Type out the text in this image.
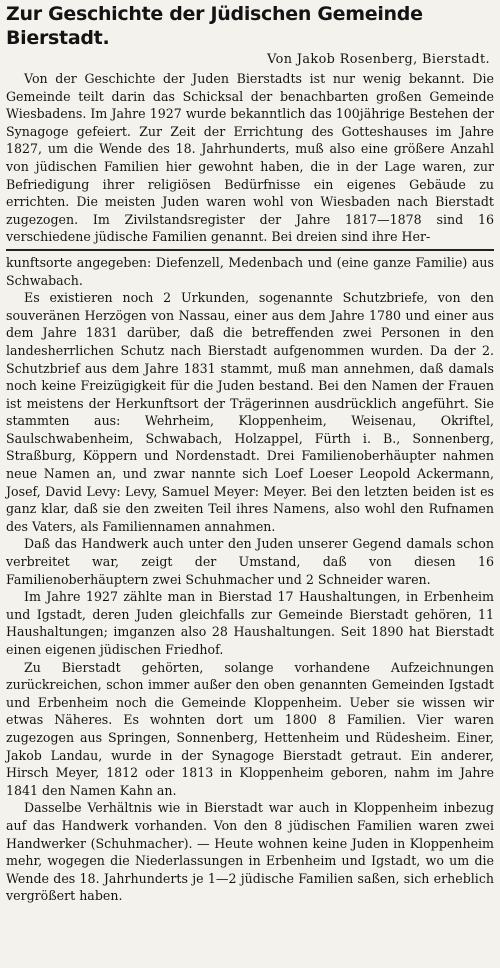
Zur Geschichte der Jüdischen Gemeinde Bierstadt.
Von Jakob Rosenberg, Bierstadt.

Von der Geschichte der Juden Bierstadts ist nur wenig bekannt. Die Gemeinde teilt darin das Schicksal der benachbarten großen Gemeinde Wiesbadens. Im Jahre 1927 wurde bekanntlich das 100jährige Bestehen der Synagoge gefeiert. Zur Zeit der Errichtung des Gotteshauses im Jahre 1827, um die Wende des 18. Jahrhunderts, muß also eine größere Anzahl von jüdischen Familien hier gewohnt haben, die in der Lage waren, zur Befriedigung ihrer religiösen Bedürfnisse ein eigenes Gebäude zu errichten. Die meisten Juden waren wohl von Wiesbaden nach Bierstadt zugezogen. Im Zivilstandsregister der Jahre 1817—1878 sind 16 verschiedene jüdische Familien genannt. Bei dreien sind ihre Her-

kunftsorte angegeben: Diefenzell, Medenbach und (eine ganze Familie) aus Schwabach.

Es existieren noch 2 Urkunden, sogenannte Schutzbriefe, von den souveränen Herzögen von Nassau, einer aus dem Jahre 1780 und einer aus dem Jahre 1831 darüber, daß die betreffenden zwei Personen in den landesherrlichen Schutz nach Bierstadt aufgenommen wurden. Da der 2. Schutzbrief aus dem Jahre 1831 stammt, muß man annehmen, daß damals noch keine Freizügigkeit für die Juden bestand. Bei den Namen der Frauen ist meistens der Herkunftsort der Trägerinnen ausdrücklich angeführt. Sie stammten aus: Wehrheim, Kloppenheim, Weisenau, Okriftel, Saulschwabenheim, Schwabach, Holzappel, Fürth i. B., Sonnenberg, Straßburg, Köppern und Nordenstadt. Drei Familienoberhäupter nahmen neue Namen an, und zwar nannte sich Loef Loeser Leopold Ackermann, Josef, David Levy: Levy, Samuel Meyer: Meyer. Bei den letzten beiden ist es ganz klar, daß sie den zweiten Teil ihres Namens, also wohl den Rufnamen des Vaters, als Familiennamen annahmen.

Daß das Handwerk auch unter den Juden unserer Gegend damals schon verbreitet war, zeigt der Umstand, daß von diesen 16 Familienoberhäuptern zwei Schuhmacher und 2 Schneider waren.

Im Jahre 1927 zählte man in Bierstad 17 Haushaltungen, in Erbenheim und Igstadt, deren Juden gleichfalls zur Gemeinde Bierstadt gehören, 11 Haushaltungen; imganzen also 28 Haushaltungen. Seit 1890 hat Bierstadt einen eigenen jüdischen Friedhof.

Zu Bierstadt gehörten, solange vorhandene Aufzeichnungen zurückreichen, schon immer außer den oben genannten Gemeinden Igstadt und Erbenheim noch die Gemeinde Kloppenheim. Ueber sie wissen wir etwas Näheres. Es wohnten dort um 1800 8 Familien. Vier waren zugezogen aus Springen, Sonnenberg, Hettenheim und Rüdesheim. Einer, Jakob Landau, wurde in der Synagoge Bierstadt getraut. Ein anderer, Hirsch Meyer, 1812 oder 1813 in Kloppenheim geboren, nahm im Jahre 1841 den Namen Kahn an.

Dasselbe Verhältnis wie in Bierstadt war auch in Kloppenheim inbezug auf das Handwerk vorhanden. Von den 8 jüdischen Familien waren zwei Handwerker (Schuhmacher). — Heute wohnen keine Juden in Kloppenheim mehr, wogegen die Niederlassungen in Erbenheim und Igstadt, wo um die Wende des 18. Jahrhunderts je 1—2 jüdische Familien saßen, sich erheblich vergrößert haben.
